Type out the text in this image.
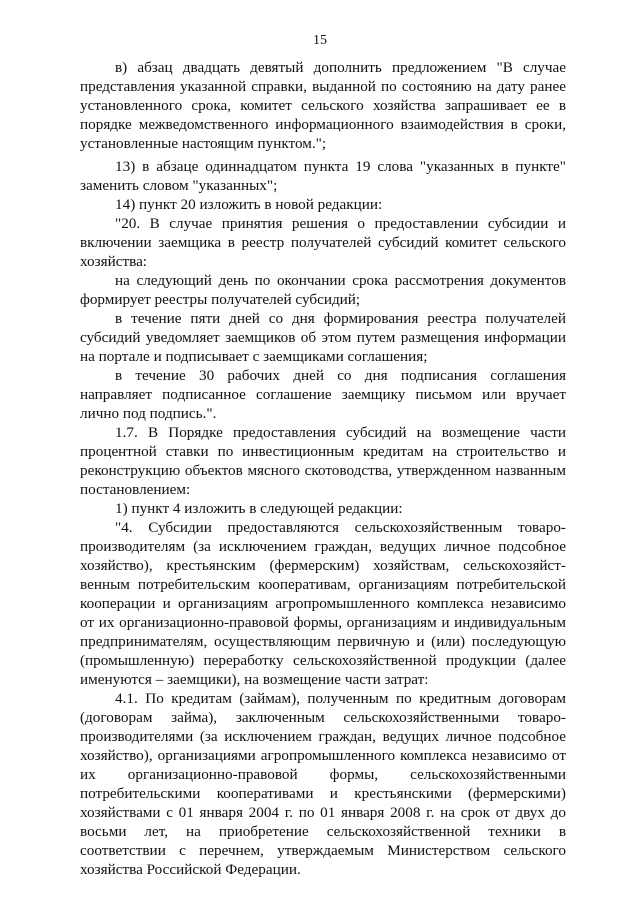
15

в) абзац двадцать девятый дополнить предложением "В случае представления указанной справки, выданной по состоянию на дату ранее установленного срока, комитет сельского хозяйства запрашивает ее в порядке межведомственного информационного взаимодействия в сроки, установленные настоящим пунктом.";

13) в абзаце одиннадцатом пункта 19 слова "указанных в пункте" заменить словом "указанных";

14) пункт 20 изложить в новой редакции:

"20. В случае принятия решения о предоставлении субсидии и включении заемщика в реестр получателей субсидий комитет сельского хозяйства:

на следующий день по окончании срока рассмотрения документов формирует реестры получателей субсидий;

в течение пяти дней со дня формирования реестра получателей субсидий уведомляет заемщиков об этом путем размещения информации на портале и подписывает с заемщиками соглашения;

в течение 30 рабочих дней со дня подписания соглашения направляет подписанное соглашение заемщику письмом или вручает лично под подпись.".

1.7. В Порядке предоставления субсидий на возмещение части процентной ставки по инвестиционным кредитам на строительство и реконструкцию объектов мясного скотоводства, утвержденном названным постановлением:

1) пункт 4 изложить в следующей редакции:

"4. Субсидии предоставляются сельскохозяйственным товаро-производителям (за исключением граждан, ведущих личное подсобное хозяйство), крестьянским (фермерским) хозяйствам, сельскохозяйст-венным потребительским кооперативам, организациям потребительской кооперации и организациям агропромышленного комплекса независимо от их организационно-правовой формы, организациям и индивидуальным предпринимателям, осуществляющим первичную и (или) последующую (промышленную) переработку сельскохозяйственной продукции (далее именуются – заемщики), на возмещение части затрат:

4.1. По кредитам (займам), полученным по кредитным договорам (договорам займа), заключенным сельскохозяйственными товаро-производителями (за исключением граждан, ведущих личное подсобное хозяйство), организациями агропромышленного комплекса независимо от их организационно-правовой формы, сельскохозяйственными потребительскими кооперативами и крестьянскими (фермерскими) хозяйствами с 01 января 2004 г. по 01 января 2008 г. на срок от двух до восьми лет, на приобретение сельскохозяйственной техники в соответствии с перечнем, утверждаемым Министерством сельского хозяйства Российской Федерации.
